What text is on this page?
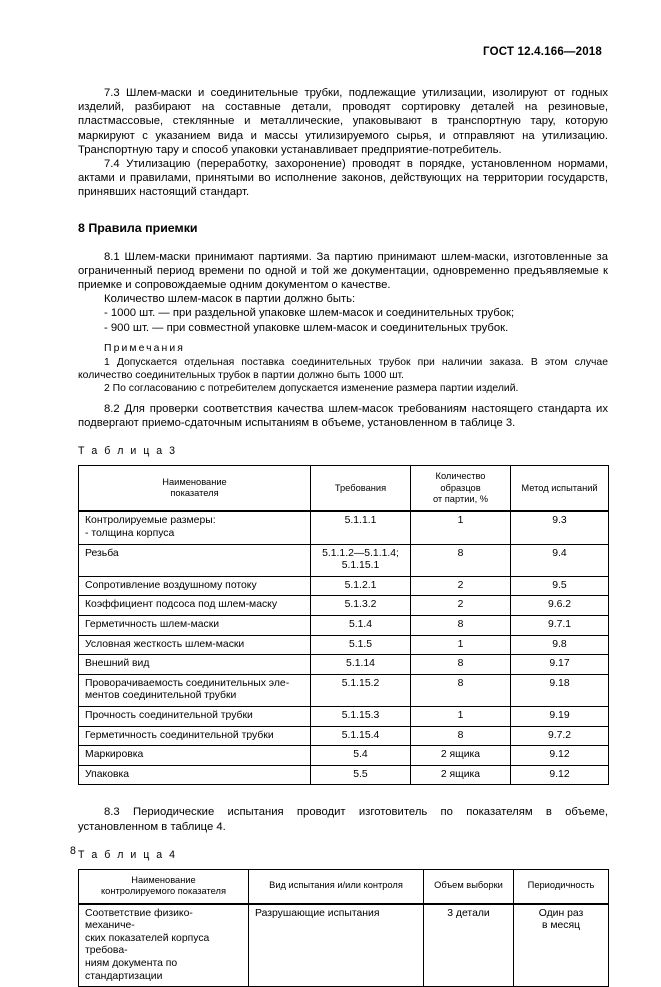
ГОСТ 12.4.166—2018

7.3 Шлем-маски и соединительные трубки, подлежащие утилизации, изолируют от годных изделий, разбирают на составные детали, проводят сортировку деталей на резиновые, пластмассовые, стеклянные и металлические, упаковывают в транспортную тару, которую маркируют с указанием вида и массы утилизируемого сырья, и отправляют на утилизацию. Транспортную тару и способ упаковки устанавливает предприятие-потребитель.

7.4 Утилизацию (переработку, захоронение) проводят в порядке, установленном нормами, актами и правилами, принятыми во исполнение законов, действующих на территории государств, принявших настоящий стандарт.

8 Правила приемки

8.1 Шлем-маски принимают партиями. За партию принимают шлем-маски, изготовленные за ограниченный период времени по одной и той же документации, одновременно предъявляемые к приемке и сопровождаемые одним документом о качестве.

Количество шлем-масок в партии должно быть:

- 1000 шт. — при раздельной упаковке шлем-масок и соединительных трубок;

- 900 шт. — при совместной упаковке шлем-масок и соединительных трубок.

Примечания

1 Допускается отдельная поставка соединительных трубок при наличии заказа. В этом случае количество соединительных трубок в партии должно быть 1000 шт.

2 По согласованию с потребителем допускается изменение размера партии изделий.

8.2 Для проверки соответствия качества шлем-масок требованиям настоящего стандарта их подвергают приемо-сдаточным испытаниям в объеме, установленном в таблице 3.

Т а б л и ц а 3

Наименование
показателя	Требования	Количество образцов
от партии, %	Метод испытаний

Контролируемые размеры:
- толщина корпуса	5.1.1.1	1	9.3

Резьба	5.1.1.2—5.1.1.4;
5.1.15.1	8	9.4
Сопротивление воздушному потоку	5.1.2.1	2	9.5
Коэффициент подсоса под шлем-маску	5.1.3.2	2	9.6.2
Герметичность шлем-маски	5.1.4	8	9.7.1
Условная жесткость шлем-маски	5.1.5	1	9.8
Внешний вид	5.1.14	8	9.17

Проворачиваемость соединительных эле-
ментов соединительной трубки	5.1.15.2	8	9.18
Прочность соединительной трубки	5.1.15.3	1	9.19
Герметичность соединительной трубки	5.1.15.4	8	9.7.2
Маркировка	5.4	2 ящика	9.12
Упаковка	5.5	2 ящика	9.12

8.3 Периодические испытания проводит изготовитель по показателям в объеме, установленном в таблице 4.

Т а б л и ц а 4

Наименование
контролируемого показателя	Вид испытания и/или контроля	Объем выборки	Периодичность

Соответствие физико-механиче-
ских показателей корпуса требова-
ниям документа по стандартизации	Разрушающие испытания	3 детали	Один раз
в месяц
8
